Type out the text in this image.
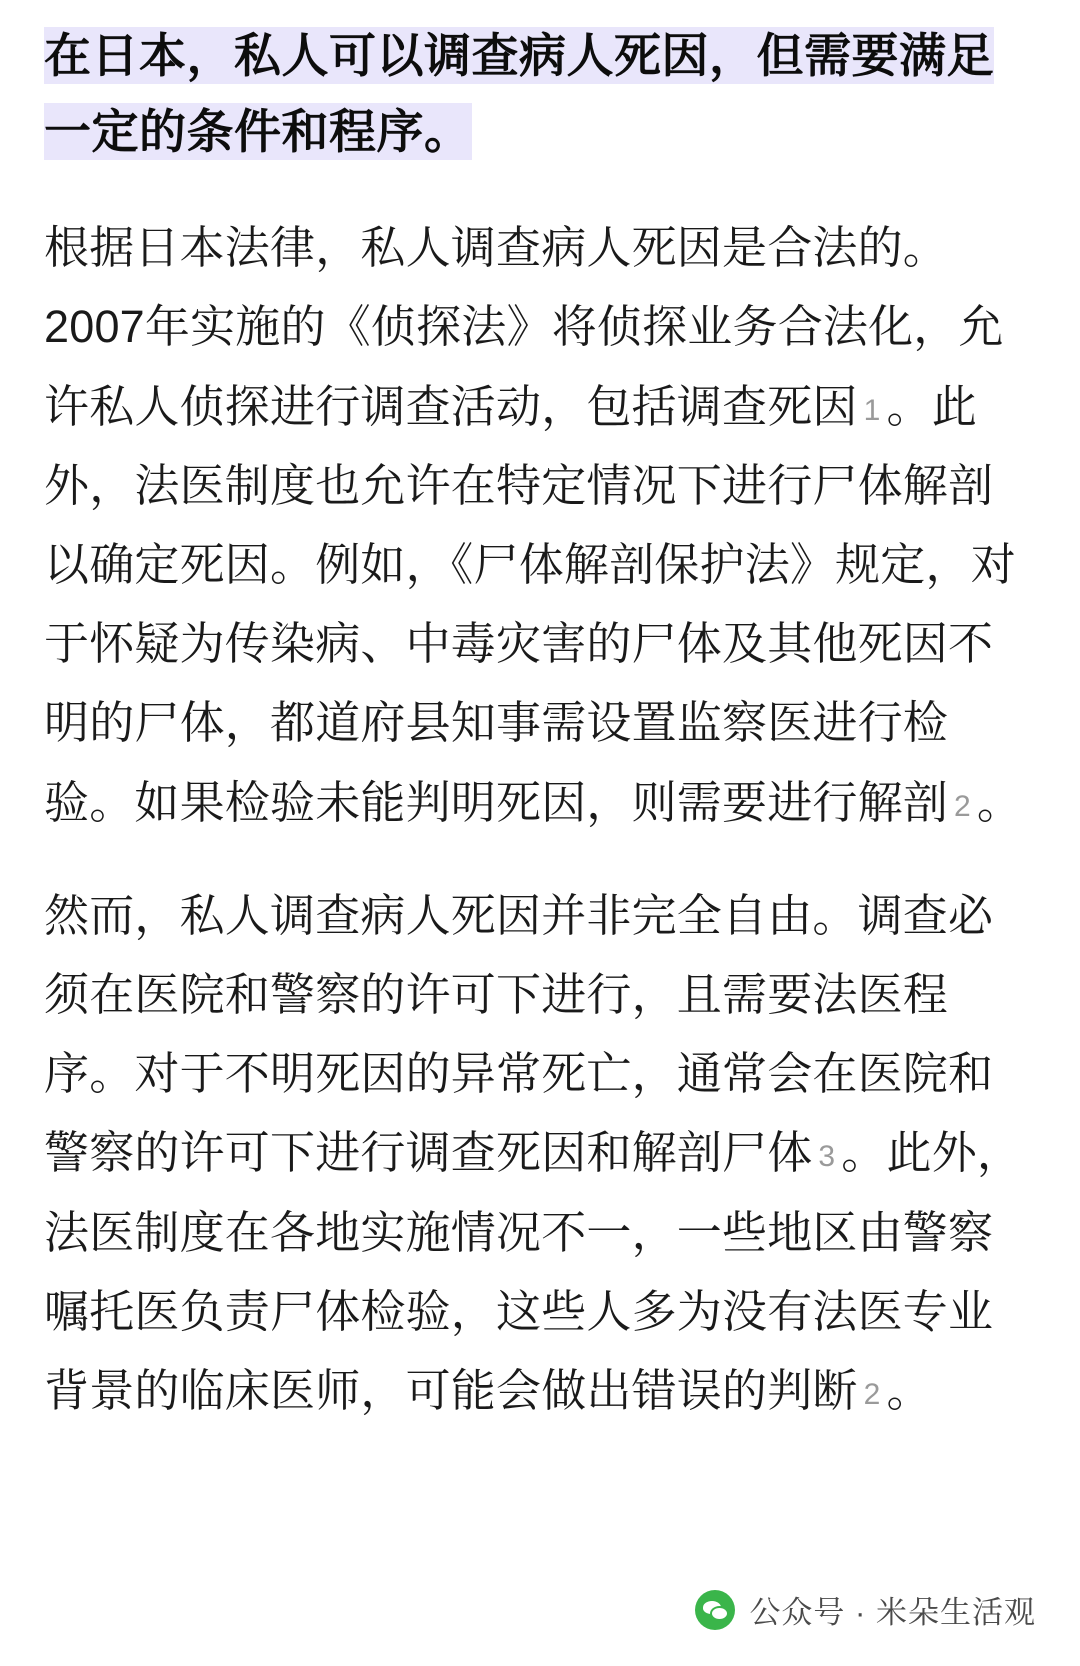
在日本，私人可以调查病人死因，但需要满足一定的条件和程序。

根据日本法律，私人调查病人死因是合法的。2007年实施的《侦探法》将侦探业务合法化，允许私人侦探进行调查活动，包括调查死因 1 。此外，法医制度也允许在特定情况下进行尸体解剖以确定死因。例如，《尸体解剖保护法》规定，对于怀疑为传染病、中毒灾害的尸体及其他死因不明的尸体，都道府县知事需设置监察医进行检验。如果检验未能判明死因，则需要进行解剖 2 。

然而，私人调查病人死因并非完全自由。调查必须在医院和警察的许可下进行，且需要法医程序。对于不明死因的异常死亡，通常会在医院和警察的许可下进行调查死因和解剖尸体 3 。此外，法医制度在各地实施情况不一，一些地区由警察嘱托医负责尸体检验，这些人多为没有法医专业背景的临床医师，可能会做出错误的判断 2 。

公众号 · 米朵生活观
